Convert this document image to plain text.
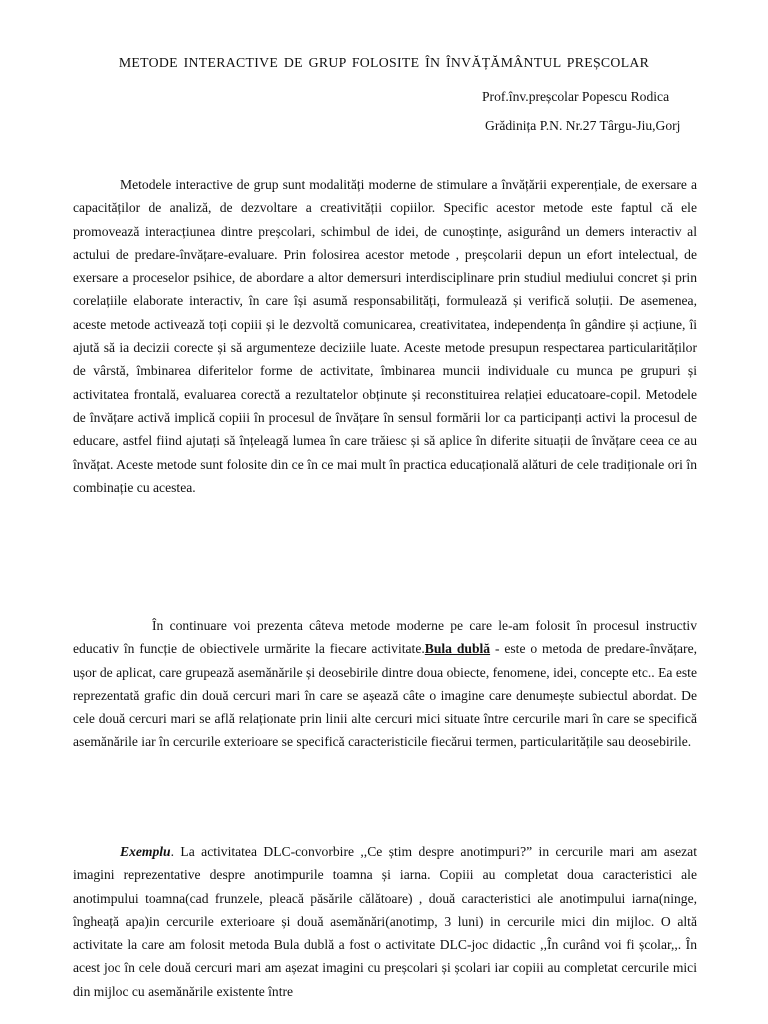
METODE INTERACTIVE DE GRUP FOLOSITE ÎN ÎNVĂȚĂMÂNTUL PREȘCOLAR
Prof.înv.preșcolar Popescu Rodica
Grădinița P.N. Nr.27 Târgu-Jiu,Gorj
Metodele interactive de grup sunt modalități moderne de stimulare a învățării experențiale, de exersare a capacităților de analiză, de dezvoltare a creativității copiilor. Specific acestor metode este faptul că ele promovează interacțiunea dintre preșcolari, schimbul de idei, de cunoștințe, asigurând un demers interactiv al actului de predare-învățare-evaluare. Prin folosirea acestor metode , preșcolarii depun un efort intelectual, de exersare a proceselor psihice, de abordare a altor demersuri interdisciplinare prin studiul mediului concret și prin corelațiile elaborate interactiv, în care își asumă responsabilități, formulează și verifică soluții. De asemenea, aceste metode activează toți copiii și le dezvoltă comunicarea, creativitatea, independența în gândire și acțiune, îi ajută să ia decizii corecte și să argumenteze deciziile luate. Aceste metode presupun respectarea particularităților de vârstă, îmbinarea diferitelor forme de activitate, îmbinarea muncii individuale cu munca pe grupuri și activitatea frontală, evaluarea corectă a rezultatelor obținute și reconstituirea relației educatoare-copil. Metodele de învățare activă implică copiii în procesul de învățare în sensul formării lor ca participanți activi la procesul de educare, astfel fiind ajutați să înțeleagă lumea în care trăiesc și să aplice în diferite situații de învățare ceea ce au învățat. Aceste metode sunt folosite din ce în ce mai mult în practica educațională alături de cele tradiționale ori în combinație cu acestea.
În continuare voi prezenta câteva metode moderne pe care le-am folosit în procesul instructiv educativ în funcție de obiectivele urmărite la fiecare activitate.Bula dublă - este o metoda de predare-învățare, ușor de aplicat, care grupează asemănările și deosebirile dintre doua obiecte, fenomene, idei, concepte etc.. Ea este reprezentată grafic din două cercuri mari în care se așează câte o imagine care denumește subiectul abordat. De cele două cercuri mari se află relaționate prin linii alte cercuri mici situate între cercurile mari în care se specifică asemănările iar în cercurile exterioare se specifică caracteristicile fiecărui termen, particularitățile sau deosebirile.
Exemplu. La activitatea DLC-convorbire ,,Ce știm despre anotimpuri?” in cercurile mari am asezat imagini reprezentative despre anotimpurile toamna și iarna. Copiii au completat doua caracteristici ale anotimpului toamna(cad frunzele, pleacă păsările călătoare) , două caracteristici ale anotimpului iarna(ninge, îngheață apa)in cercurile exterioare și două asemănări(anotimp, 3 luni) in cercurile mici din mijloc. O altă activitate la care am folosit metoda Bula dublă a fost o activitate DLC-joc didactic ,,În curând voi fi școlar,,. În acest joc în cele două cercuri mari am așezat imagini cu preșcolari și școlari iar copiii au completat cercurile mici din mijloc cu asemănările existente între
